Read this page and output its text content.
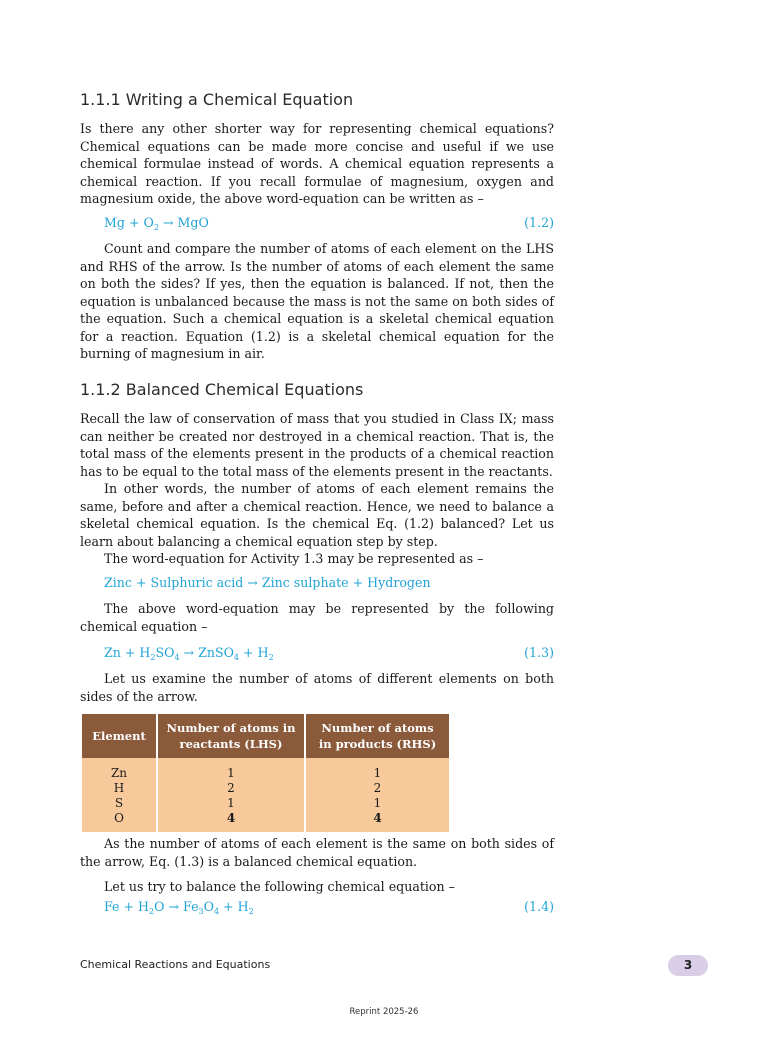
1.1.1 Writing a Chemical Equation

Is there any other shorter way for representing chemical equations? Chemical equations can be made more concise and useful if we use chemical formulae instead of words. A chemical equation represents a chemical reaction. If you recall formulae of magnesium, oxygen and magnesium oxide, the above word-equation can be written as –

$Mg + O_2$ → MgO	(1.2)

Count and compare the number of atoms of each element on the LHS and RHS of the arrow. Is the number of atoms of each element the same on both the sides? If yes, then the equation is balanced. If not, then the equation is unbalanced because the mass is not the same on both sides of the equation. Such a chemical equation is a skeletal chemical equation for a reaction. Equation (1.2) is a skeletal chemical equation for the burning of magnesium in air.

1.1.2 Balanced Chemical Equations

Recall the law of conservation of mass that you studied in Class IX; mass can neither be created nor destroyed in a chemical reaction. That is, the total mass of the elements present in the products of a chemical reaction has to be equal to the total mass of the elements present in the reactants.

In other words, the number of atoms of each element remains the same, before and after a chemical reaction. Hence, we need to balance a skeletal chemical equation. Is the chemical Eq. (1.2) balanced? Let us learn about balancing a chemical equation step by step.

The word-equation for Activity 1.3 may be represented as –

Zinc + Sulphuric acid → Zinc sulphate + Hydrogen

The above word-equation may be represented by the following chemical equation –

$Zn + H_2SO_4$ → ZnSO$_4$ + $H_2$	(1.3)

Let us examine the number of atoms of different elements on both sides of the arrow.

Element	Number of atoms in reactants (LHS)	Number of atoms in products (RHS)
Zn	1	1
H	2	2
S	1	1
O	4	4

As the number of atoms of each element is the same on both sides of the arrow, Eq. (1.3) is a balanced chemical equation.

Let us try to balance the following chemical equation –

$Fe + H_2O \to Fe_3O_4 + H_2$	(1.4)
Chemical Reactions and Equations	3
Reprint 2025-26
